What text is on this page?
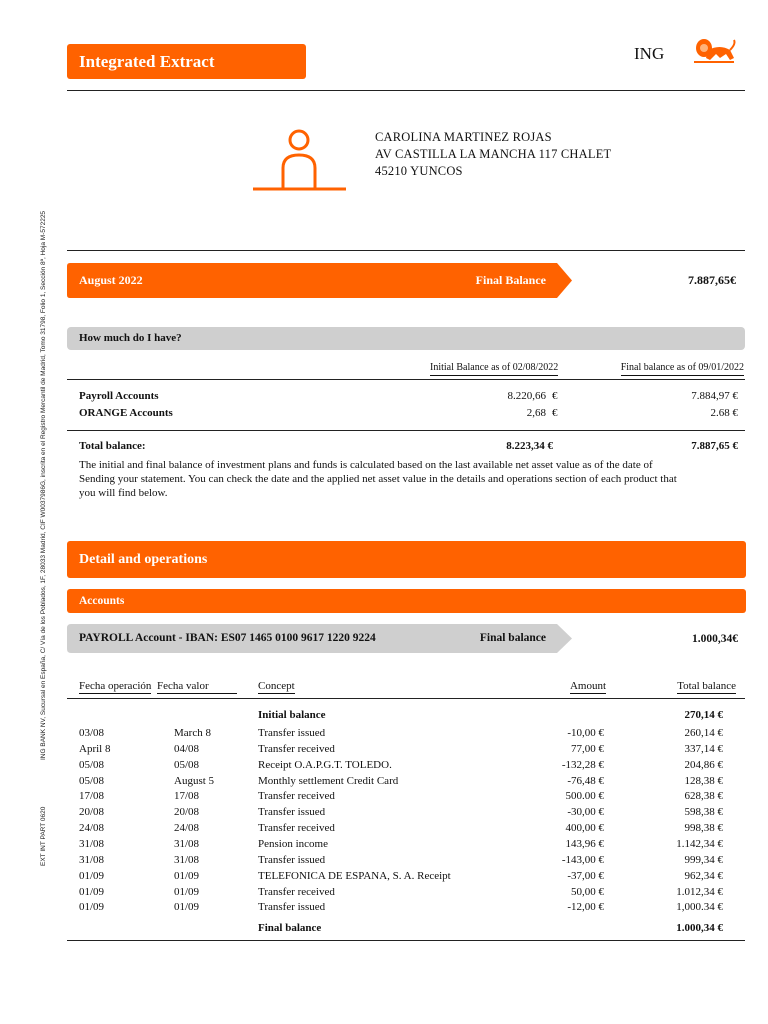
Integrated Extract	ING
CAROLINA MARTINEZ ROJAS
AV CASTILLA LA MANCHA 117 CHALET
45210 YUNCOS
August 2022	Final Balance	7.887,65€
How much do I have?
Initial Balance as of 02/08/2022	Final balance as of 09/01/2022
Payroll Accounts	8.220,66 €	7.884,97 €
ORANGE Accounts	2,68 €	2.68 €
Total balance:	8.223,34 €	7.887,65 €
The initial and final balance of investment plans and funds is calculated based on the last available net asset value as of the date of Sending your statement. You can check the date and the applied net asset value in the details and operations section of each product that you will find below.
Detail and operations
Accounts
PAYROLL Account - IBAN: ES07 1465 0100 9617 1220 9224	Final balance	1.000,34€
Fecha operación Fecha valor	Concept	Amount	Total balance
Initial balance	270,14 €
03/08	March 8	Transfer issued	-10,00 €	260,14 €
April 8	04/08	Transfer received	77,00 €	337,14 €
05/08	05/08	Receipt O.A.P.G.T. TOLEDO.	-132,28 €	204,86 €
05/08	August 5	Monthly settlement Credit Card	-76,48 €	128,38 €
17/08	17/08	Transfer received	500.00 €	628,38 €
20/08	20/08	Transfer issued	-30,00 €	598,38 €
24/08	24/08	Transfer received	400,00 €	998,38 €
31/08	31/08	Pension income	143,96 €	1.142,34 €
31/08	31/08	Transfer issued	-143,00 €	999,34 €
01/09	01/09	TELEFONICA DE ESPANA, S. A. Receipt	-37,00 €	962,34 €
01/09	01/09	Transfer received	50,00 €	1.012,34 €
01/09	01/09	Transfer issued	-12,00 €	1,000.34 €
Final balance	1.000,34 €
ING BANK NV, Sucursal en España, C/ Vía de los Poblados, 1F, 28033 Madrid, CIF W0037986G, inscrita en el Registro Mercantil de Madrid, Tomo 31798, Folio 1, Sección 8ª, Hoja M-572225
EXT INT PART 0620
